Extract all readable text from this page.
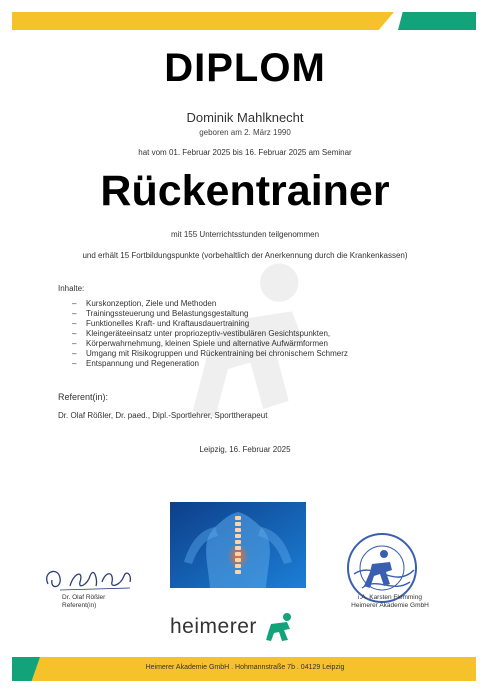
DIPLOM
Dominik Mahlknecht
geboren am 2. März 1990
hat vom 01. Februar 2025 bis 16. Februar 2025 am Seminar
Rückentrainer
mit 155 Unterrichtsstunden teilgenommen
und erhält 15 Fortbildungspunkte (vorbehaltlich der Anerkennung durch die Krankenkassen)
Inhalte:
– Kurskonzeption, Ziele und Methoden
– Trainingssteuerung und Belastungsgestaltung
– Funktionelles Kraft- und Kraftausdauertraining
– Kleingeräteeinsatz unter propriozeptiv-vestibulären Gesichtspunkten,
– Körperwahrnehmung, kleinen Spiele und alternative Aufwärmformen
– Umgang mit Risikogruppen und Rückentraining bei chronischem Schmerz
– Entspannung und Regeneration
Referent(in):
Dr. Olaf Rößler, Dr. paed., Dipl.-Sportlehrer, Sporttherapeut
Leipzig, 16. Februar 2025
Dr. Olaf Rößler
Referent(in)
i.A. Karsten Flemming
Heimerer Akademie GmbH
heimerer
Heimerer Akademie GmbH . Hohmannstraße 7b . 04129 Leipzig
